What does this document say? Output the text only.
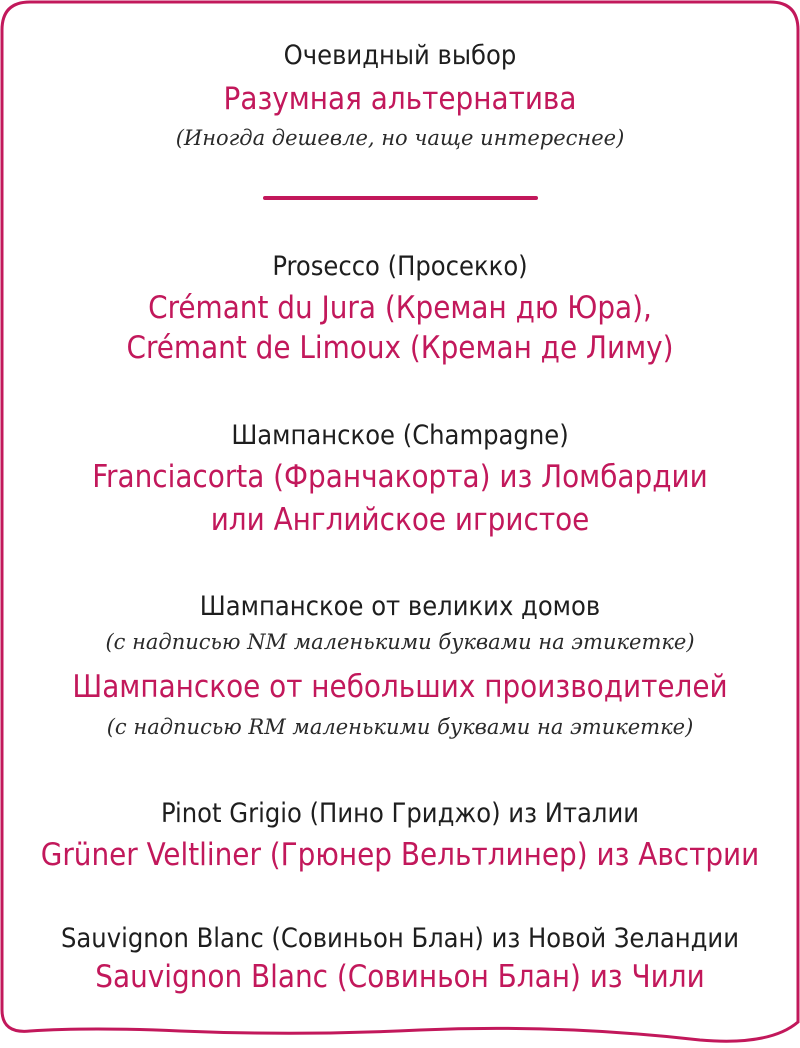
Очевидный выбор
Разумная альтернатива
(Иногда дешевле, но чаще интереснее)
Prosecco (Просекко)
Crémant du Jura (Креман дю Юра),
Crémant de Limoux (Креман де Лиму)
Шампанское (Champagne)
Franciacorta (Франчакорта) из Ломбардии
или Английское игристое
Шампанское от великих домов
(с надписью NM маленькими буквами на этикетке)
Шампанское от небольших производителей
(с надписью RM маленькими буквами на этикетке)
Pinot Grigio (Пино Гриджо) из Италии
Grüner Veltliner (Грюнер Вельтлинер) из Австрии
Sauvignon Blanc (Совиньон Блан) из Новой Зеландии
Sauvignon Blanc (Совиньон Блан) из Чили
